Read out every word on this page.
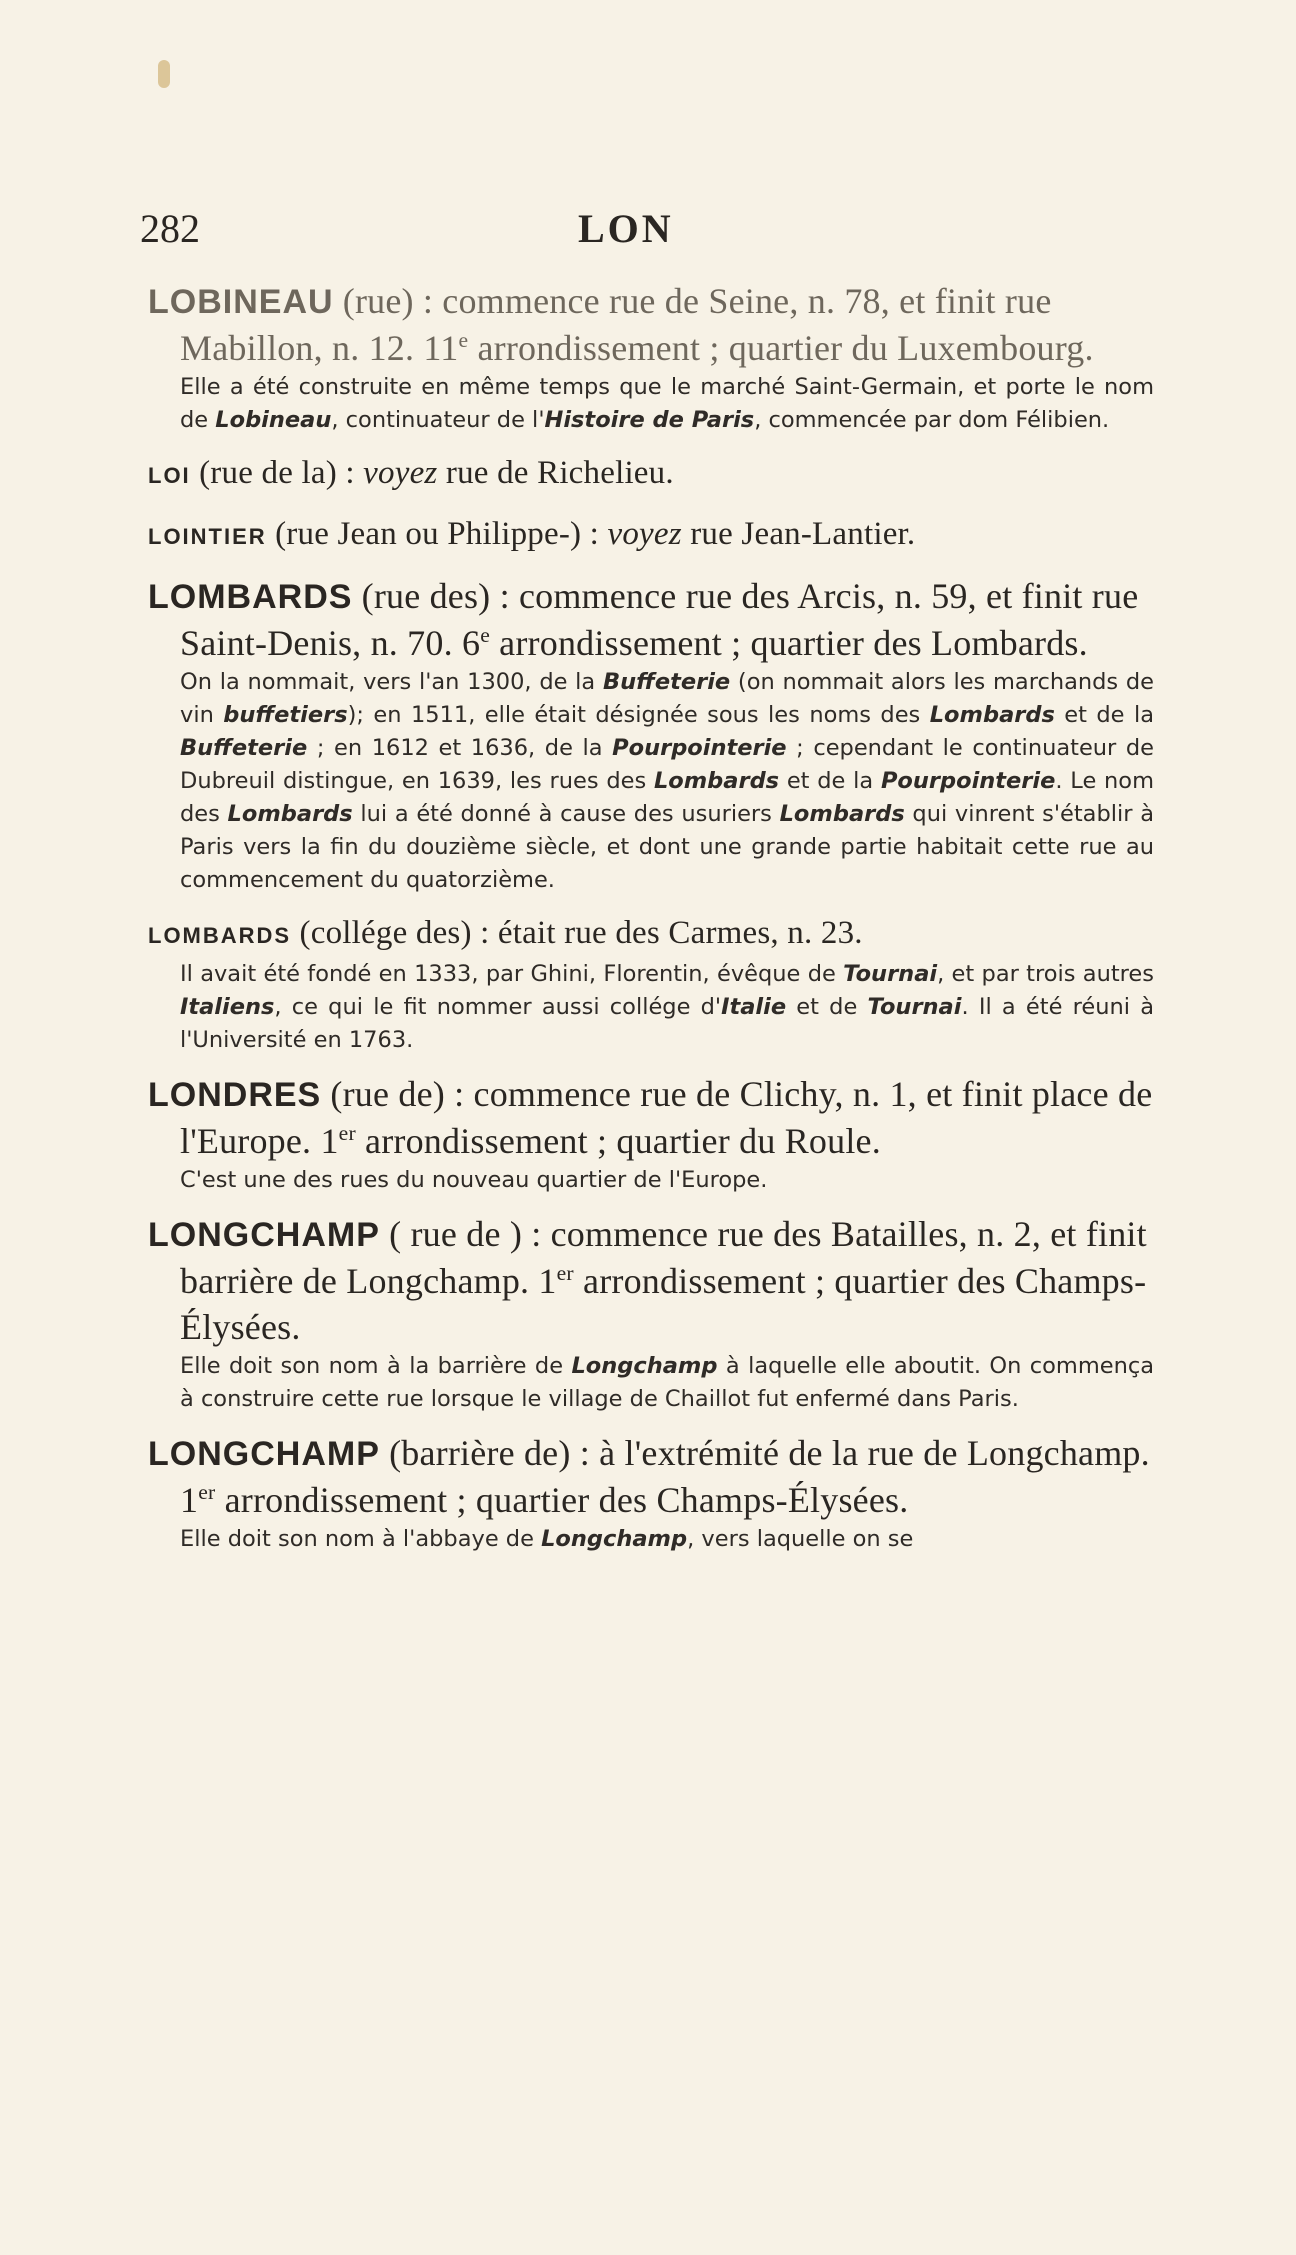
282	LON

LOBINEAU (rue) : commence rue de Seine, n. 78, et finit rue Mabillon, n. 12. 11e arrondissement ; quartier du Luxembourg.

Elle a été construite en même temps que le marché Saint-Germain, et porte le nom de Lobineau, continuateur de l'Histoire de Paris, commencée par dom Félibien.

LOI (rue de la) : voyez rue de Richelieu.

LOINTIER (rue Jean ou Philippe-) : voyez rue Jean-Lantier.

LOMBARDS (rue des) : commence rue des Arcis, n. 59, et finit rue Saint-Denis, n. 70. 6e arrondissement ; quartier des Lombards.

On la nommait, vers l'an 1300, de la Buffeterie (on nommait alors les marchands de vin buffetiers); en 1511, elle était désignée sous les noms des Lombards et de la Buffeterie ; en 1612 et 1636, de la Pourpointerie ; cependant le continuateur de Dubreuil distingue, en 1639, les rues des Lombards et de la Pourpointerie. Le nom des Lombards lui a été donné à cause des usuriers Lombards qui vinrent s'établir à Paris vers la fin du douzième siècle, et dont une grande partie habitait cette rue au commencement du quatorzième.

LOMBARDS (collége des) : était rue des Carmes, n. 23.

Il avait été fondé en 1333, par Ghini, Florentin, évêque de Tournai, et par trois autres Italiens, ce qui le fit nommer aussi collége d'Italie et de Tournai. Il a été réuni à l'Université en 1763.

LONDRES (rue de) : commence rue de Clichy, n. 1, et finit place de l'Europe. 1er arrondissement ; quartier du Roule.

C'est une des rues du nouveau quartier de l'Europe.

LONGCHAMP ( rue de ) : commence rue des Batailles, n. 2, et finit barrière de Longchamp. 1er arrondissement ; quartier des Champs-Élysées.

Elle doit son nom à la barrière de Longchamp à laquelle elle aboutit. On commença à construire cette rue lorsque le village de Chaillot fut enfermé dans Paris.

LONGCHAMP (barrière de) : à l'extrémité de la rue de Longchamp. 1er arrondissement ; quartier des Champs-Élysées.

Elle doit son nom à l'abbaye de Longchamp, vers laquelle on se
